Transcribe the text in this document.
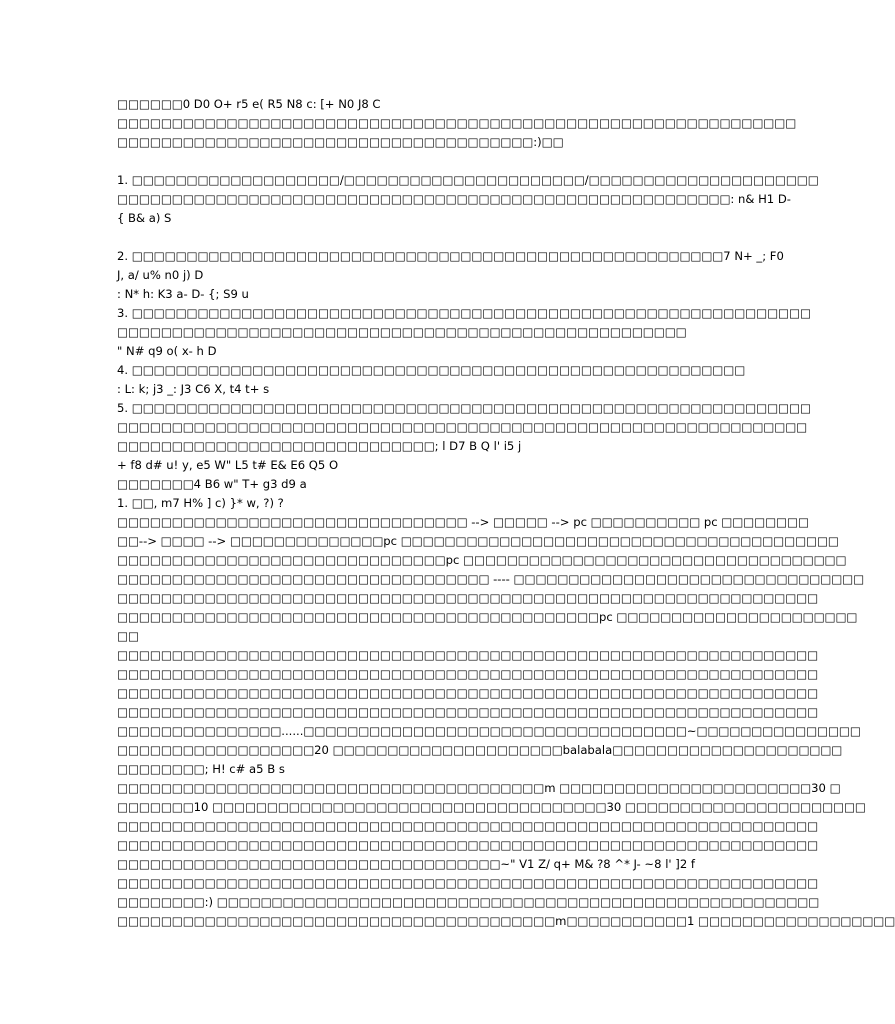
□□□□□□0 D0 O+ r5 e( R5 N8 c: [+ N0 J8 C
□□□□□□□□□□□□□□□□□□□□□□□□□□□□□□□□□□□□□□□□□□□□□□□□□□□□□□□□□□□□□□
□□□□□□□□□□□□□□□□□□□□□□□□□□□□□□□□□□□□□□:)□□
1. □□□□□□□□□□□□□□□□□□□/□□□□□□□□□□□□□□□□□□□□□□/□□□□□□□□□□□□□□□□□□□□□
□□□□□□□□□□□□□□□□□□□□□□□□□□□□□□□□□□□□□□□□□□□□□□□□□□□□□□□□: n& H1 D-
{ B& a) S
2. □□□□□□□□□□□□□□□□□□□□□□□□□□□□□□□□□□□□□□□□□□□□□□□□□□□□□□7 N+ _; F0
J, a/ u% n0 j) D
: N* h: K3 a- D- {; S9 u
3. □□□□□□□□□□□□□□□□□□□□□□□□□□□□□□□□□□□□□□□□□□□□□□□□□□□□□□□□□□□□□□
□□□□□□□□□□□□□□□□□□□□□□□□□□□□□□□□□□□□□□□□□□□□□□□□□□□□
" N# q9 o( x- h D
4. □□□□□□□□□□□□□□□□□□□□□□□□□□□□□□□□□□□□□□□□□□□□□□□□□□□□□□□□
: L: k; j3 _: J3 C6 X, t4 t+ s
5. □□□□□□□□□□□□□□□□□□□□□□□□□□□□□□□□□□□□□□□□□□□□□□□□□□□□□□□□□□□□□□
□□□□□□□□□□□□□□□□□□□□□□□□□□□□□□□□□□□□□□□□□□□□□□□□□□□□□□□□□□□□□□□
□□□□□□□□□□□□□□□□□□□□□□□□□□□□□; l D7 B Q l' i5 j
+ f8 d# u! y, e5 W" L5 t# E& E6 Q5 O
□□□□□□□4 B6 w" T+ g3 d9 a
1. □□, m7 H% ] c) }* w, ?) ?
□□□□□□□□□□□□□□□□□□□□□□□□□□□□□□□□ --> □□□□□ --> pc □□□□□□□□□□ pc □□□□□□□□
□□--> □□□□ --> □□□□□□□□□□□□□□pc □□□□□□□□□□□□□□□□□□□□□□□□□□□□□□□□□□□□□□□□
□□□□□□□□□□□□□□□□□□□□□□□□□□□□□□pc □□□□□□□□□□□□□□□□□□□□□□□□□□□□□□□□□□□
□□□□□□□□□□□□□□□□□□□□□□□□□□□□□□□□□□ ---- □□□□□□□□□□□□□□□□□□□□□□□□□□□□□□□□
□□□□□□□□□□□□□□□□□□□□□□□□□□□□□□□□□□□□□□□□□□□□□□□□□□□□□□□□□□□□□□□□
□□□□□□□□□□□□□□□□□□□□□□□□□□□□□□□□□□□□□□□□□□□□pc □□□□□□□□□□□□□□□□□□□□□□
□□
□□□□□□□□□□□□□□□□□□□□□□□□□□□□□□□□□□□□□□□□□□□□□□□□□□□□□□□□□□□□□□□□
□□□□□□□□□□□□□□□□□□□□□□□□□□□□□□□□□□□□□□□□□□□□□□□□□□□□□□□□□□□□□□□□
□□□□□□□□□□□□□□□□□□□□□□□□□□□□□□□□□□□□□□□□□□□□□□□□□□□□□□□□□□□□□□□□
□□□□□□□□□□□□□□□□□□□□□□□□□□□□□□□□□□□□□□□□□□□□□□□□□□□□□□□□□□□□□□□□
□□□□□□□□□□□□□□□......□□□□□□□□□□□□□□□□□□□□□□□□□□□□□□□□□□□~□□□□□□□□□□□□□□□
□□□□□□□□□□□□□□□□□□20 □□□□□□□□□□□□□□□□□□□□□balabala□□□□□□□□□□□□□□□□□□□□□
□□□□□□□□; H! c# a5 B s
□□□□□□□□□□□□□□□□□□□□□□□□□□□□□□□□□□□□□□□m □□□□□□□□□□□□□□□□□□□□□□□30 □
□□□□□□□10 □□□□□□□□□□□□□□□□□□□□□□□□□□□□□□□□□□□□30 □□□□□□□□□□□□□□□□□□□□□□
□□□□□□□□□□□□□□□□□□□□□□□□□□□□□□□□□□□□□□□□□□□□□□□□□□□□□□□□□□□□□□□□
□□□□□□□□□□□□□□□□□□□□□□□□□□□□□□□□□□□□□□□□□□□□□□□□□□□□□□□□□□□□□□□□
□□□□□□□□□□□□□□□□□□□□□□□□□□□□□□□□□□□~" V1 Z/ q+ M& ?8 ^* J- ~8 l' ]2 f
□□□□□□□□□□□□□□□□□□□□□□□□□□□□□□□□□□□□□□□□□□□□□□□□□□□□□□□□□□□□□□□□
□□□□□□□□:) □□□□□□□□□□□□□□□□□□□□□□□□□□□□□□□□□□□□□□□□□□□□□□□□□□□□□□□
□□□□□□□□□□□□□□□□□□□□□□□□□□□□□□□□□□□□□□□□m□□□□□□□□□□□1 □□□□□□□□□□□□□□□□□□
